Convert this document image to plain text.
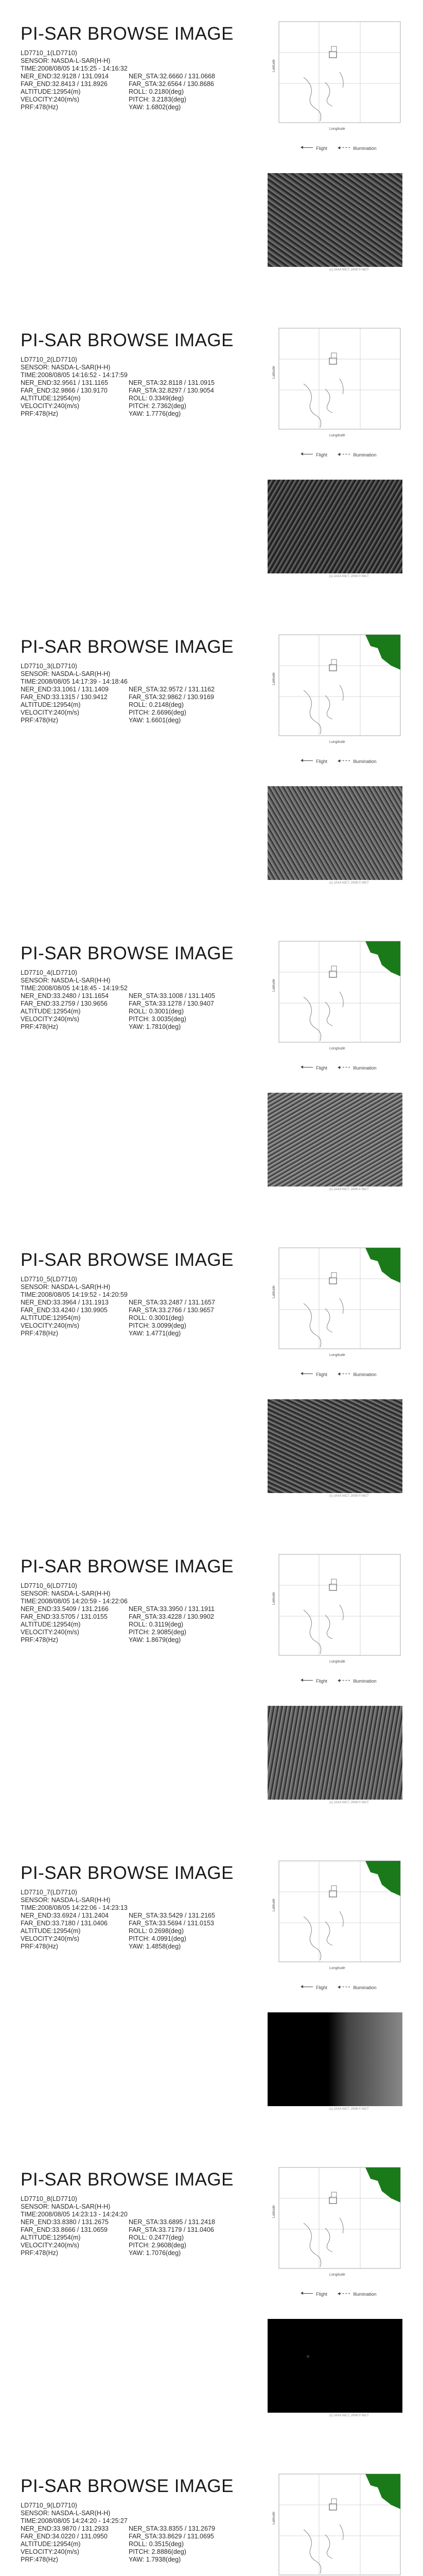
PI-SAR BROWSE IMAGE
LD7710_1(LD7710)
SENSOR: NASDA-L-SAR(H-H)
TIME:2008/08/05 14:15:25 - 14:16:32
NER_END:32.9128 / 131.0914	NER_STA:32.6660 / 131.0668
FAR_END:32.8413 / 131.8926	FAR_STA:32.6564 / 130.8686
ALTITUDE:12954(m)	ROLL: 0.2180(deg)
VELOCITY:240(m/s)	PITCH: 3.2183(deg)
PRF:478(Hz)	YAW: 1.6802(deg)
Latitude
Longitude
Flight	Illumination
(c) JAXA NICT, 2008 © NICT
PI-SAR BROWSE IMAGE
LD7710_2(LD7710)
SENSOR: NASDA-L-SAR(H-H)
TIME:2008/08/05 14:16:52 - 14:17:59
NER_END:32.9561 / 131.1165	NER_STA:32.8118 / 131.0915
FAR_END:32.9866 / 130.9170	FAR_STA:32.8297 / 130.9054
ALTITUDE:12954(m)	ROLL: 0.3349(deg)
VELOCITY:240(m/s)	PITCH: 2.7362(deg)
PRF:478(Hz)	YAW: 1.7776(deg)
Latitude
Longitude
Flight	Illumination
(c) JAXA NICT, 2008 © NICT
PI-SAR BROWSE IMAGE
LD7710_3(LD7710)
SENSOR: NASDA-L-SAR(H-H)
TIME:2008/08/05 14:17:39 - 14:18:46
NER_END:33.1061 / 131.1409	NER_STA:32.9572 / 131.1162
FAR_END:33.1315 / 130.9412	FAR_STA:32.9862 / 130.9169
ALTITUDE:12954(m)	ROLL: 0.2148(deg)
VELOCITY:240(m/s)	PITCH: 2.6696(deg)
PRF:478(Hz)	YAW: 1.6601(deg)
Latitude
Longitude
Flight	Illumination
(c) JAXA NICT, 2008 © NICT
PI-SAR BROWSE IMAGE
LD7710_4(LD7710)
SENSOR: NASDA-L-SAR(H-H)
TIME:2008/08/05 14:18:45 - 14:19:52
NER_END:33.2480 / 131.1654	NER_STA:33.1008 / 131.1405
FAR_END:33.2759 / 130.9656	FAR_STA:33.1278 / 130.9407
ALTITUDE:12954(m)	ROLL: 0.3001(deg)
VELOCITY:240(m/s)	PITCH: 3.0035(deg)
PRF:478(Hz)	YAW: 1.7810(deg)
Latitude
Longitude
Flight	Illumination
(c) JAXA NICT, 2008 © NICT
PI-SAR BROWSE IMAGE
LD7710_5(LD7710)
SENSOR: NASDA-L-SAR(H-H)
TIME:2008/08/05 14:19:52 - 14:20:59
NER_END:33.3964 / 131.1913	NER_STA:33.2487 / 131.1657
FAR_END:33.4240 / 130.9905	FAR_STA:33.2766 / 130.9657
ALTITUDE:12954(m)	ROLL: 0.3001(deg)
VELOCITY:240(m/s)	PITCH: 3.0099(deg)
PRF:478(Hz)	YAW: 1.4771(deg)
Latitude
Longitude
Flight	Illumination
(c) JAXA NICT, 2008 © NICT
PI-SAR BROWSE IMAGE
LD7710_6(LD7710)
SENSOR: NASDA-L-SAR(H-H)
TIME:2008/08/05 14:20:59 - 14:22:06
NER_END:33.5409 / 131.2166	NER_STA:33.3950 / 131.1911
FAR_END:33.5705 / 131.0155	FAR_STA:33.4228 / 130.9902
ALTITUDE:12954(m)	ROLL: 0.3119(deg)
VELOCITY:240(m/s)	PITCH: 2.9085(deg)
PRF:478(Hz)	YAW: 1.8679(deg)
Latitude
Longitude
Flight	Illumination
(c) JAXA NICT, 2008 © NICT
PI-SAR BROWSE IMAGE
LD7710_7(LD7710)
SENSOR: NASDA-L-SAR(H-H)
TIME:2008/08/05 14:22:06 - 14:23:13
NER_END:33.6924 / 131.2404	NER_STA:33.5429 / 131.2165
FAR_END:33.7180 / 131.0406	FAR_STA:33.5694 / 131.0153
ALTITUDE:12954(m)	ROLL: 0.2698(deg)
VELOCITY:240(m/s)	PITCH: 4.0991(deg)
PRF:478(Hz)	YAW: 1.4858(deg)
Latitude
Longitude
Flight	Illumination
(c) JAXA NICT, 2008 © NICT
PI-SAR BROWSE IMAGE
LD7710_8(LD7710)
SENSOR: NASDA-L-SAR(H-H)
TIME:2008/08/05 14:23:13 - 14:24:20
NER_END:33.8380 / 131.2675	NER_STA:33.6895 / 131.2418
FAR_END:33.8666 / 131.0659	FAR_STA:33.7179 / 131.0406
ALTITUDE:12954(m)	ROLL: 0.2477(deg)
VELOCITY:240(m/s)	PITCH: 2.9608(deg)
PRF:478(Hz)	YAW: 1.7076(deg)
Latitude
Longitude
Flight	Illumination
(c) JAXA NICT, 2008 © NICT
PI-SAR BROWSE IMAGE
LD7710_9(LD7710)
SENSOR: NASDA-L-SAR(H-H)
TIME:2008/08/05 14:24:20 - 14:25:27
NER_END:33.9870 / 131.2933	NER_STA:33.8355 / 131.2679
FAR_END:34.0220 / 131.0950	FAR_STA:33.8629 / 131.0695
ALTITUDE:12954(m)	ROLL: 0.3515(deg)
VELOCITY:240(m/s)	PITCH: 2.8886(deg)
PRF:478(Hz)	YAW: 1.7938(deg)
Latitude
